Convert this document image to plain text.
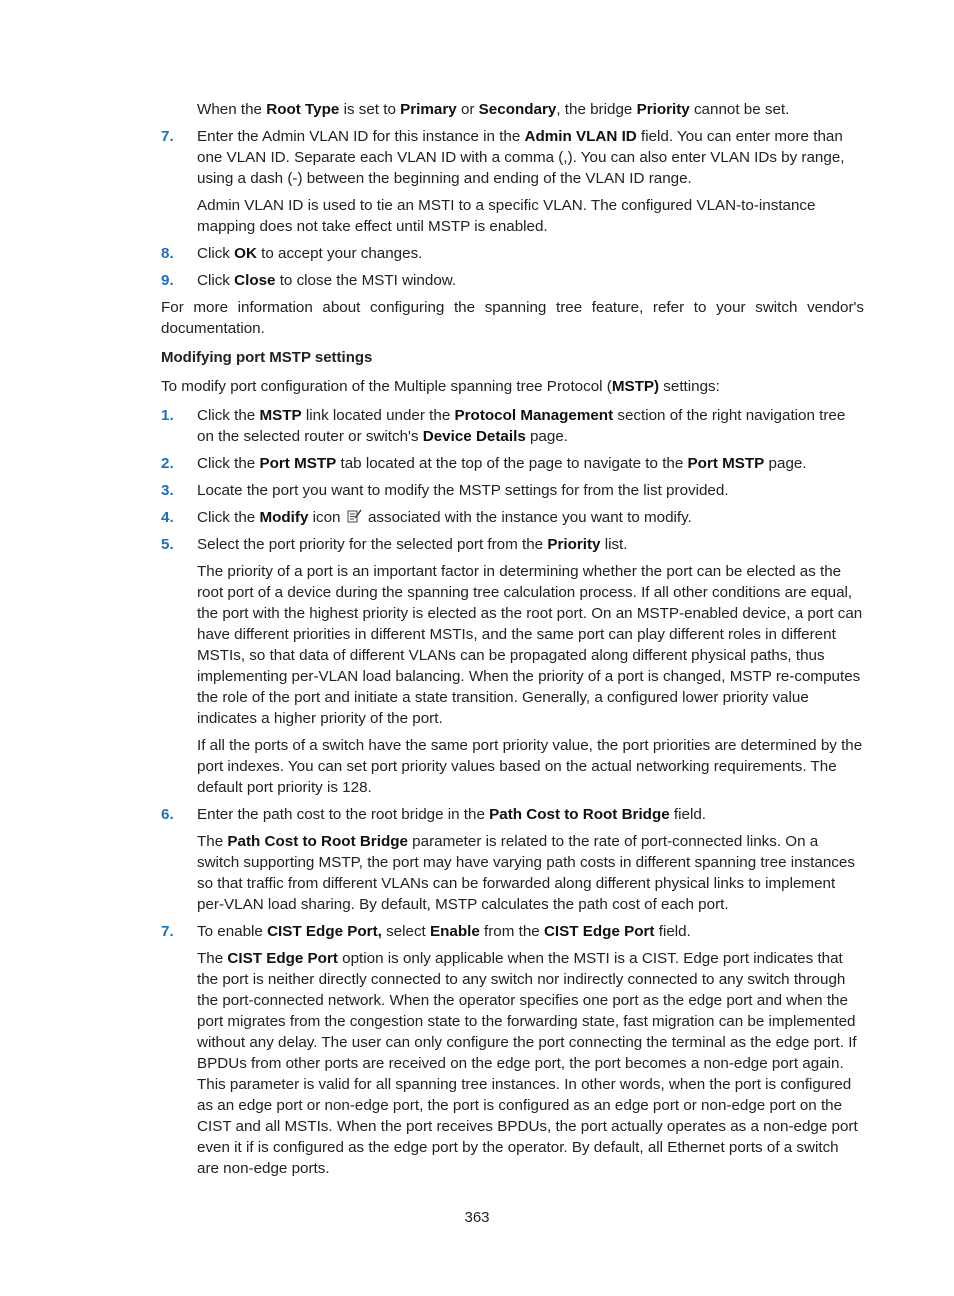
When the Root Type is set to Primary or Secondary, the bridge Priority cannot be set.

7.	Enter the Admin VLAN ID for this instance in the Admin VLAN ID field. You can enter more than one VLAN ID. Separate each VLAN ID with a comma (,). You can also enter VLAN IDs by range, using a dash (-) between the beginning and ending of the VLAN ID range.

Admin VLAN ID is used to tie an MSTI to a specific VLAN. The configured VLAN-to-instance mapping does not take effect until MSTP is enabled.

8.	Click OK to accept your changes.
9.	Click Close to close the MSTI window.

For more information about configuring the spanning tree feature, refer to your switch vendor's documentation.

Modifying port MSTP settings

To modify port configuration of the Multiple spanning tree Protocol (MSTP) settings:

1.	Click the MSTP link located under the Protocol Management section of the right navigation tree on the selected router or switch's Device Details page.
2.	Click the Port MSTP tab located at the top of the page to navigate to the Port MSTP page.
3.	Locate the port you want to modify the MSTP settings for from the list provided.
4.	Click the Modify icon  associated with the instance you want to modify.
5.	Select the port priority for the selected port from the Priority list.

The priority of a port is an important factor in determining whether the port can be elected as the root port of a device during the spanning tree calculation process. If all other conditions are equal, the port with the highest priority is elected as the root port. On an MSTP-enabled device, a port can have different priorities in different MSTIs, and the same port can play different roles in different MSTIs, so that data of different VLANs can be propagated along different physical paths, thus implementing per-VLAN load balancing. When the priority of a port is changed, MSTP re-computes the role of the port and initiate a state transition. Generally, a configured lower priority value indicates a higher priority of the port.

If all the ports of a switch have the same port priority value, the port priorities are determined by the port indexes. You can set port priority values based on the actual networking requirements. The default port priority is 128.

6.	Enter the path cost to the root bridge in the Path Cost to Root Bridge field.

The Path Cost to Root Bridge parameter is related to the rate of port-connected links. On a switch supporting MSTP, the port may have varying path costs in different spanning tree instances so that traffic from different VLANs can be forwarded along different physical links to implement per-VLAN load sharing. By default, MSTP calculates the path cost of each port.

7.	To enable CIST Edge Port, select Enable from the CIST Edge Port field.

The CIST Edge Port option is only applicable when the MSTI is a CIST. Edge port indicates that the port is neither directly connected to any switch nor indirectly connected to any switch through the port-connected network. When the operator specifies one port as the edge port and when the port migrates from the congestion state to the forwarding state, fast migration can be implemented without any delay. The user can only configure the port connecting the terminal as the edge port. If BPDUs from other ports are received on the edge port, the port becomes a non-edge port again. This parameter is valid for all spanning tree instances. In other words, when the port is configured as an edge port or non-edge port, the port is configured as an edge port or non-edge port on the CIST and all MSTIs. When the port receives BPDUs, the port actually operates as a non-edge port even it if is configured as the edge port by the operator. By default, all Ethernet ports of a switch are non-edge ports.

363
